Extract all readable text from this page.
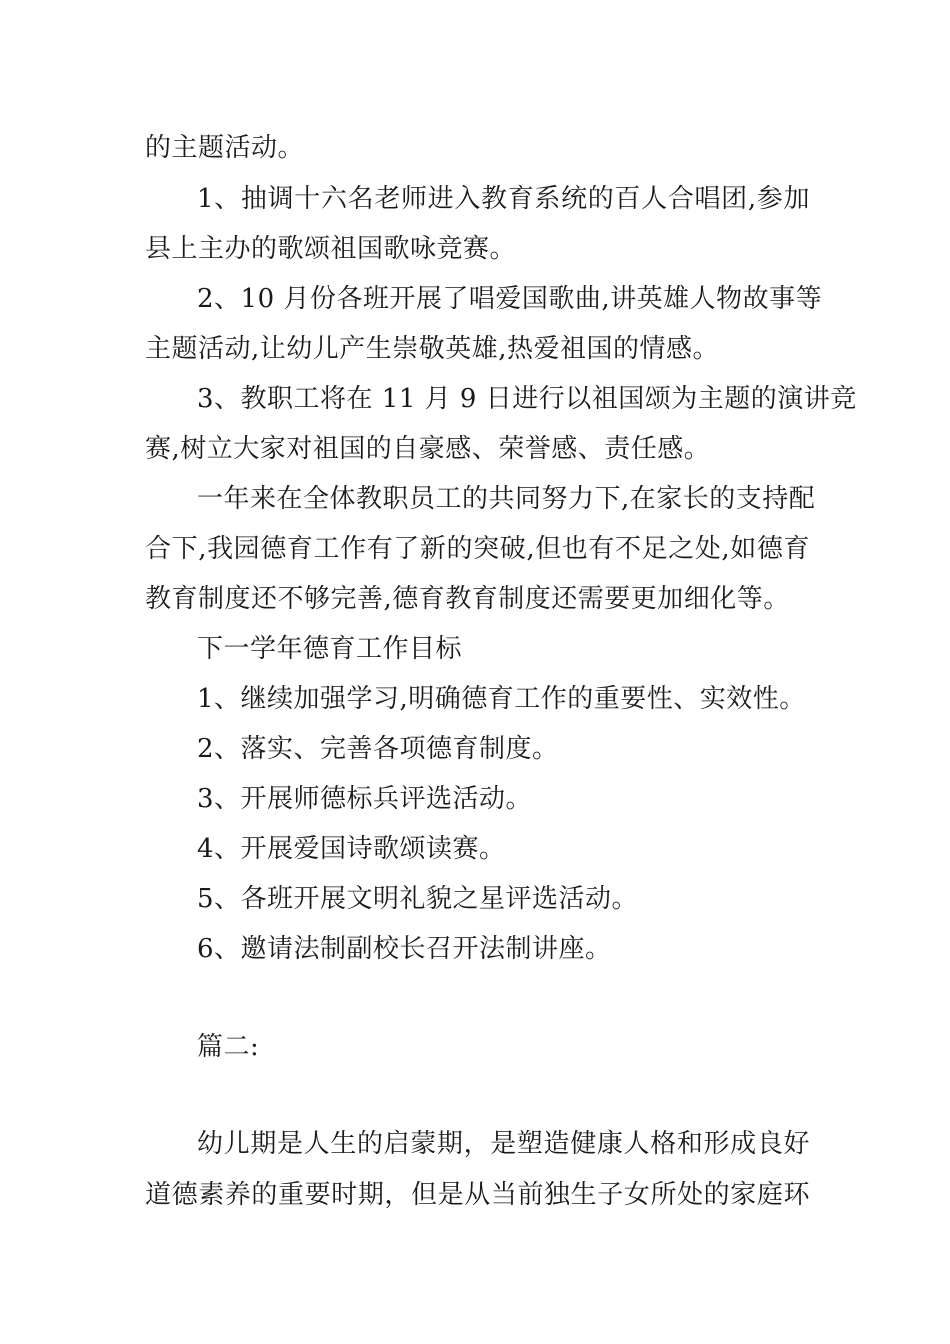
的主题活动。
1、抽调十六名老师进入教育系统的百人合唱团,参加
县上主办的歌颂祖国歌咏竞赛。
2、10 月份各班开展了唱爱国歌曲,讲英雄人物故事等
主题活动,让幼儿产生崇敬英雄,热爱祖国的情感。
3、教职工将在 11 月 9 日进行以祖国颂为主题的演讲竞
赛,树立大家对祖国的自豪感、荣誉感、责任感。
一年来在全体教职员工的共同努力下,在家长的支持配
合下,我园德育工作有了新的突破,但也有不足之处,如德育
教育制度还不够完善,德育教育制度还需要更加细化等。
下一学年德育工作目标
1、继续加强学习,明确德育工作的重要性、实效性。
2、落实、完善各项德育制度。
3、开展师德标兵评选活动。
4、开展爱国诗歌颂读赛。
5、各班开展文明礼貌之星评选活动。
6、邀请法制副校长召开法制讲座。
篇二:
幼儿期是人生的启蒙期，是塑造健康人格和形成良好
道德素养的重要时期，但是从当前独生子女所处的家庭环
